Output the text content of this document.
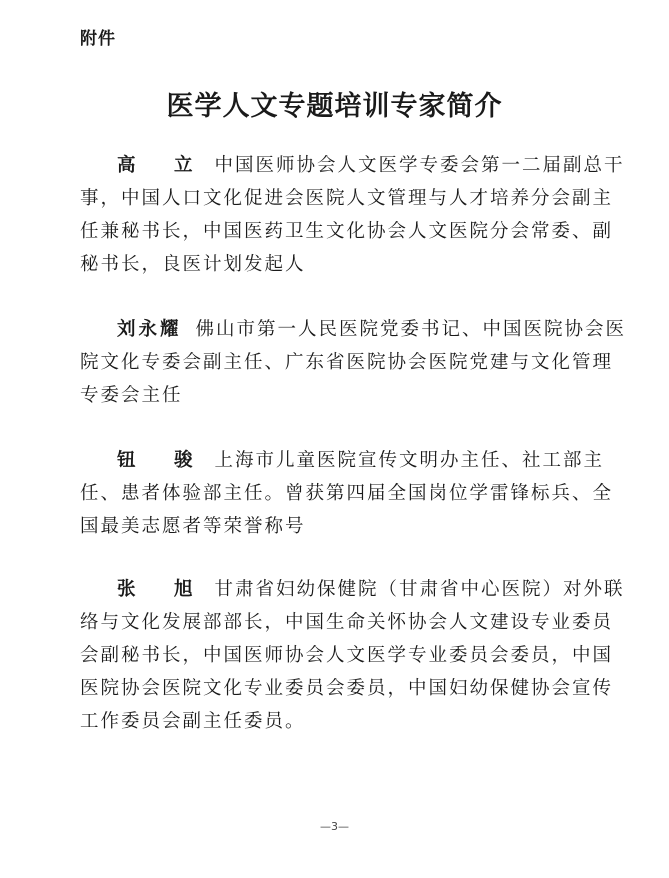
附件
医学人文专题培训专家简介
高 立 中国医师协会人文医学专委会第一二届副总干事，中国人口文化促进会医院人文管理与人才培养分会副主任兼秘书长，中国医药卫生文化协会人文医院分会常委、副秘书长，良医计划发起人
刘永耀 佛山市第一人民医院党委书记、中国医院协会医院文化专委会副主任、广东省医院协会医院党建与文化管理专委会主任
钮 骏 上海市儿童医院宣传文明办主任、社工部主任、患者体验部主任。曾获第四届全国岗位学雷锋标兵、全国最美志愿者等荣誉称号
张 旭 甘肃省妇幼保健院（甘肃省中心医院）对外联络与文化发展部部长，中国生命关怀协会人文建设专业委员会副秘书长，中国医师协会人文医学专业委员会委员，中国医院协会医院文化专业委员会委员，中国妇幼保健协会宣传工作委员会副主任委员。
—3—
